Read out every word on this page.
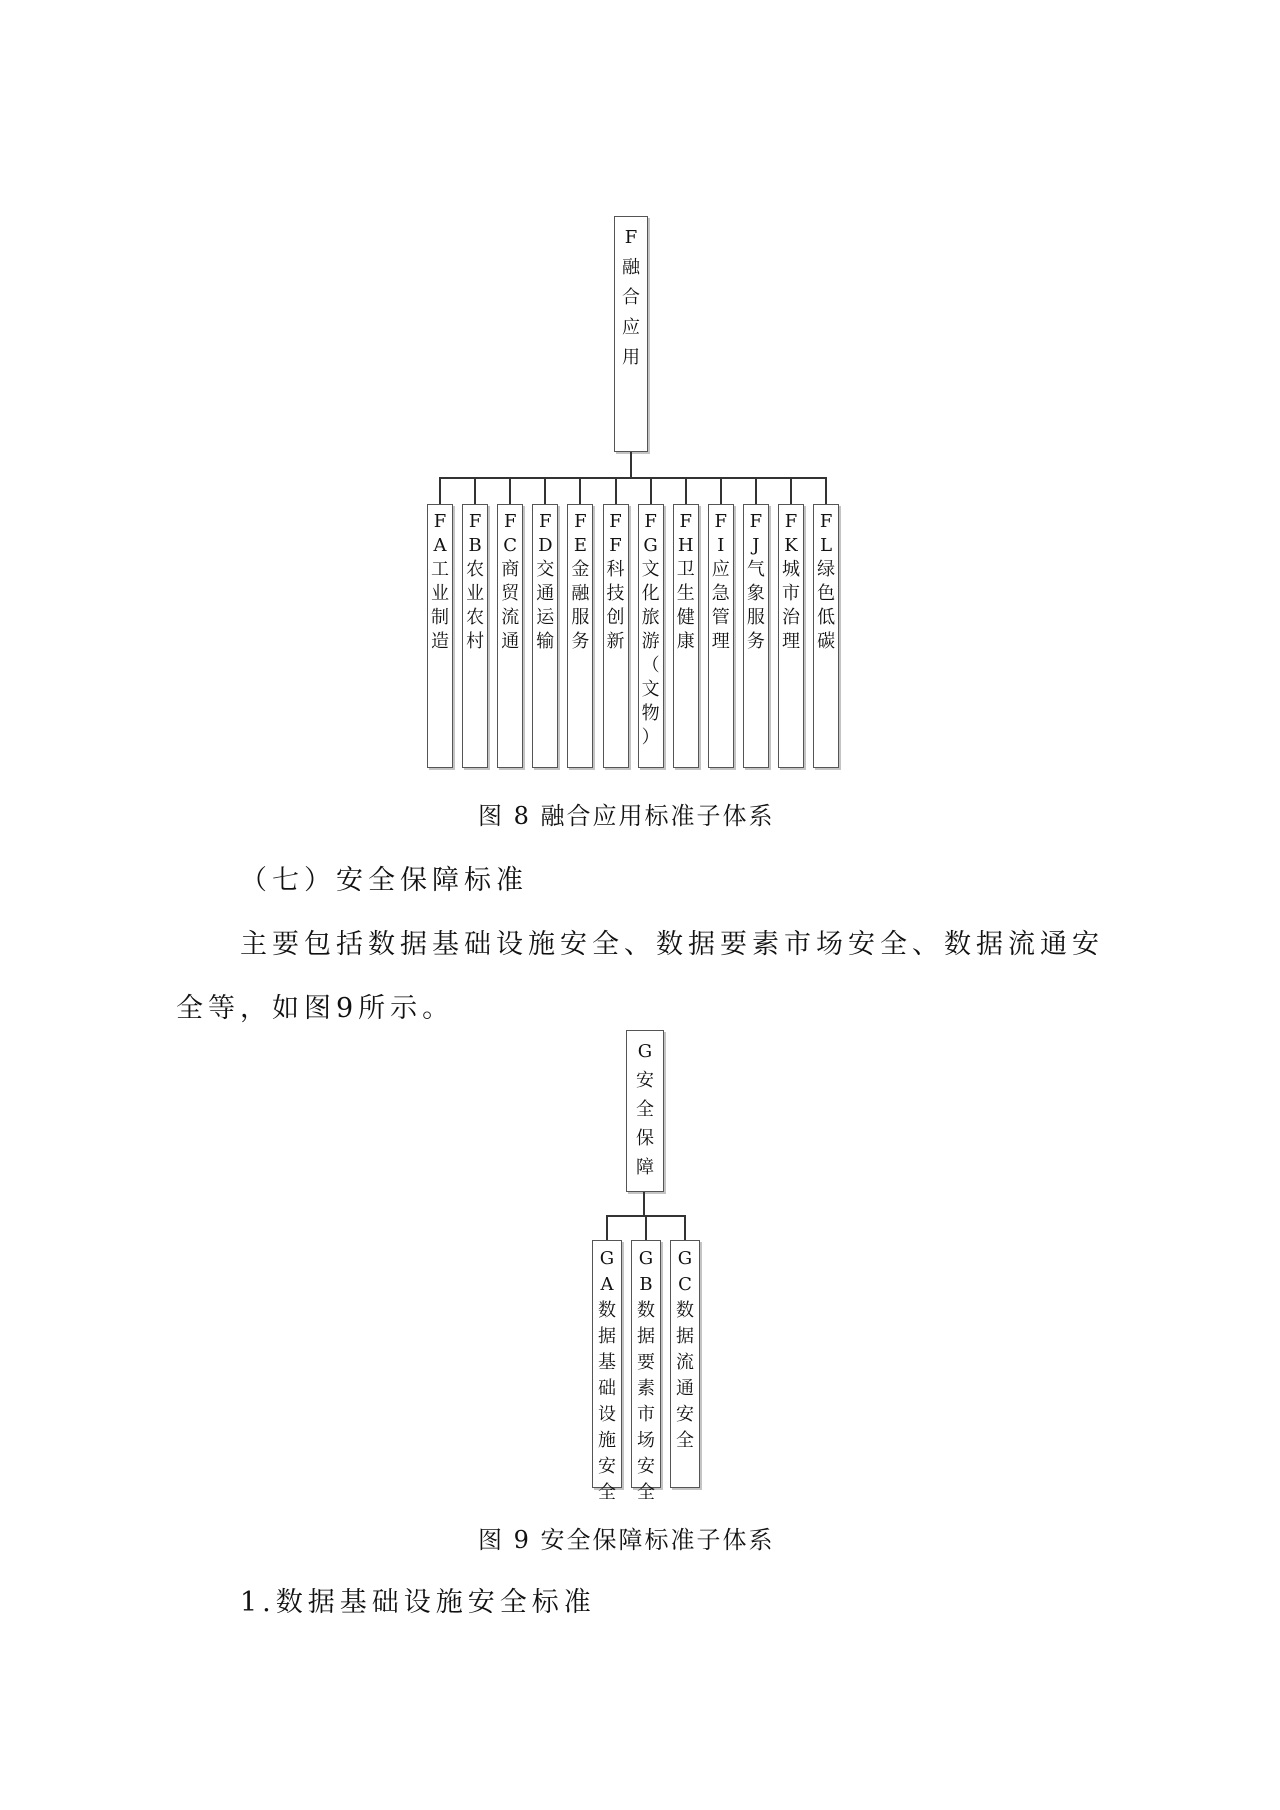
F
融
合
应
用
F
A
工
业
制
造
F
B
农
业
农
村
F
C
商
贸
流
通
F
D
交
通
运
输
F
E
金
融
服
务
F
F
科
技
创
新
F
G
文
化
旅
游
（
文
物
）
F
H
卫
生
健
康
F
I
应
急
管
理
F
J
气
象
服
务
F
K
城
市
治
理
F
L
绿
色
低
碳
图 8 融合应用标准子体系
（七）安全保障标准
主要包括数据基础设施安全、数据要素市场安全、数据流通安
全等，如图9所示。
G
安
全
保
障
G
A
数
据
基
础
设
施
安
全
G
B
数
据
要
素
市
场
安
全
G
C
数
据
流
通
安
全
图 9 安全保障标准子体系
1.数据基础设施安全标准
